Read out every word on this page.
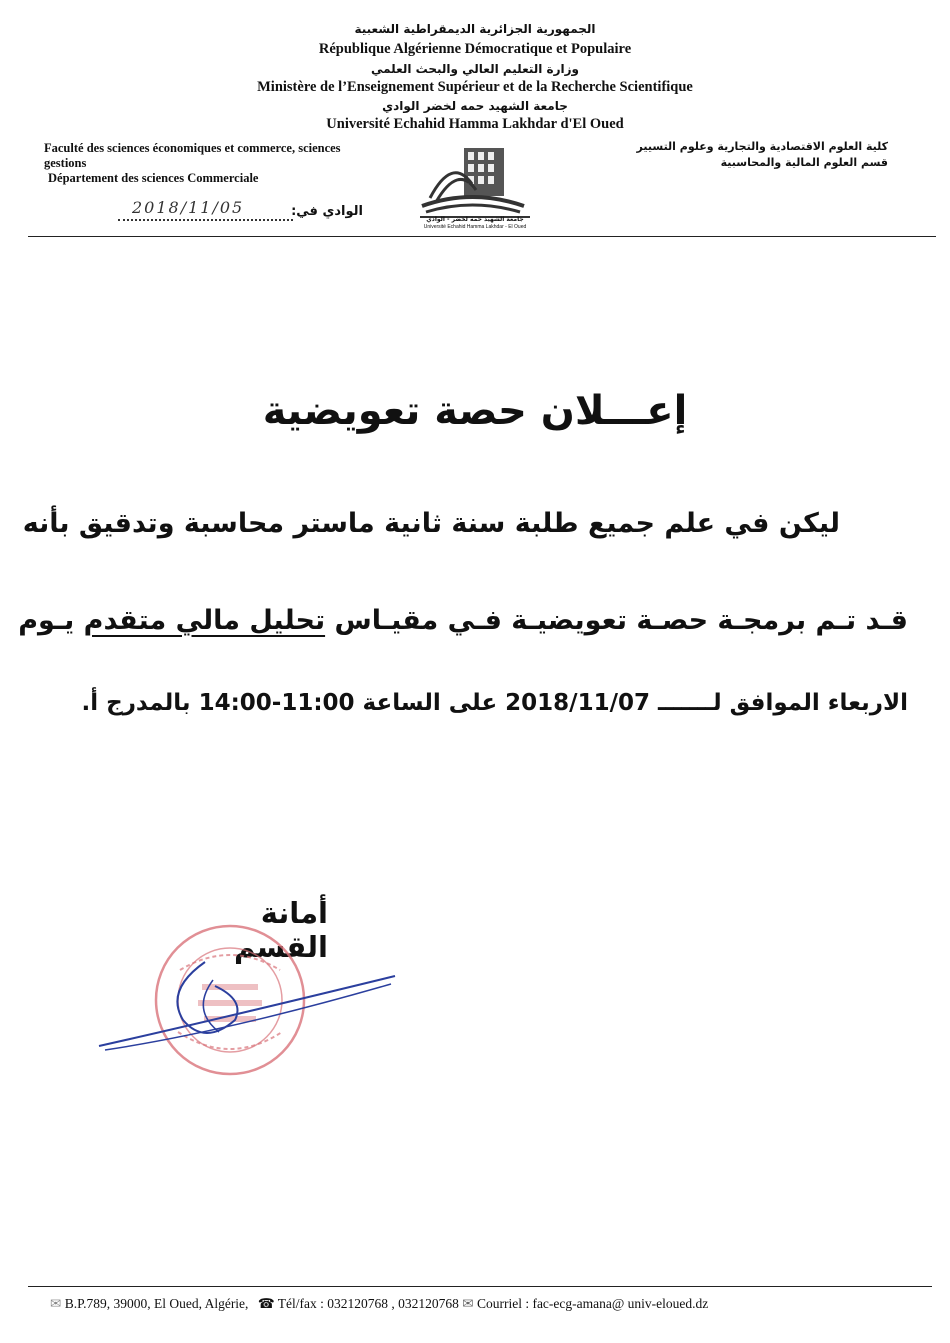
الجمهورية الجزائرية الديمقراطية الشعبية
République Algérienne Démocratique et Populaire
وزارة التعليم العالي والبحث العلمي
Ministère de l’Enseignement Supérieur et de la Recherche Scientifique
جامعة الشهيد حمه لخضر الوادي
Université Echahid Hamma Lakhdar d'El Oued
Faculté des sciences économiques et commerce, sciences
gestions
Département des sciences Commerciale
كلية العلوم الاقتصادية والتجارية وعلوم التسيير
قسم العلوم المالية والمحاسبية
الوادي في:
2018/11/05
جامعة الشهيد حمه لخضر - الوادي
Université Echahid Hamma Lakhdar - El Oued
إعـــلان حصة تعويضية
ليكن في علم جميع طلبة سنة ثانية ماستر محاسبة وتدقيق بأنه
قـد تـم برمجـة حصـة تعويضيـة فـي مقيـاس تحليل مالي متقدم يـوم
الاربعاء الموافق لـــــــ 2018/11/07 على الساعة 11:00-14:00 بالمدرج أ.
أمانة القسم
✉ B.P.789, 39000, El Oued, Algérie, ☎ Tél/fax : 032120768 , 032120768 ✉ Courriel : fac-ecg-amana@ univ-eloued.dz
